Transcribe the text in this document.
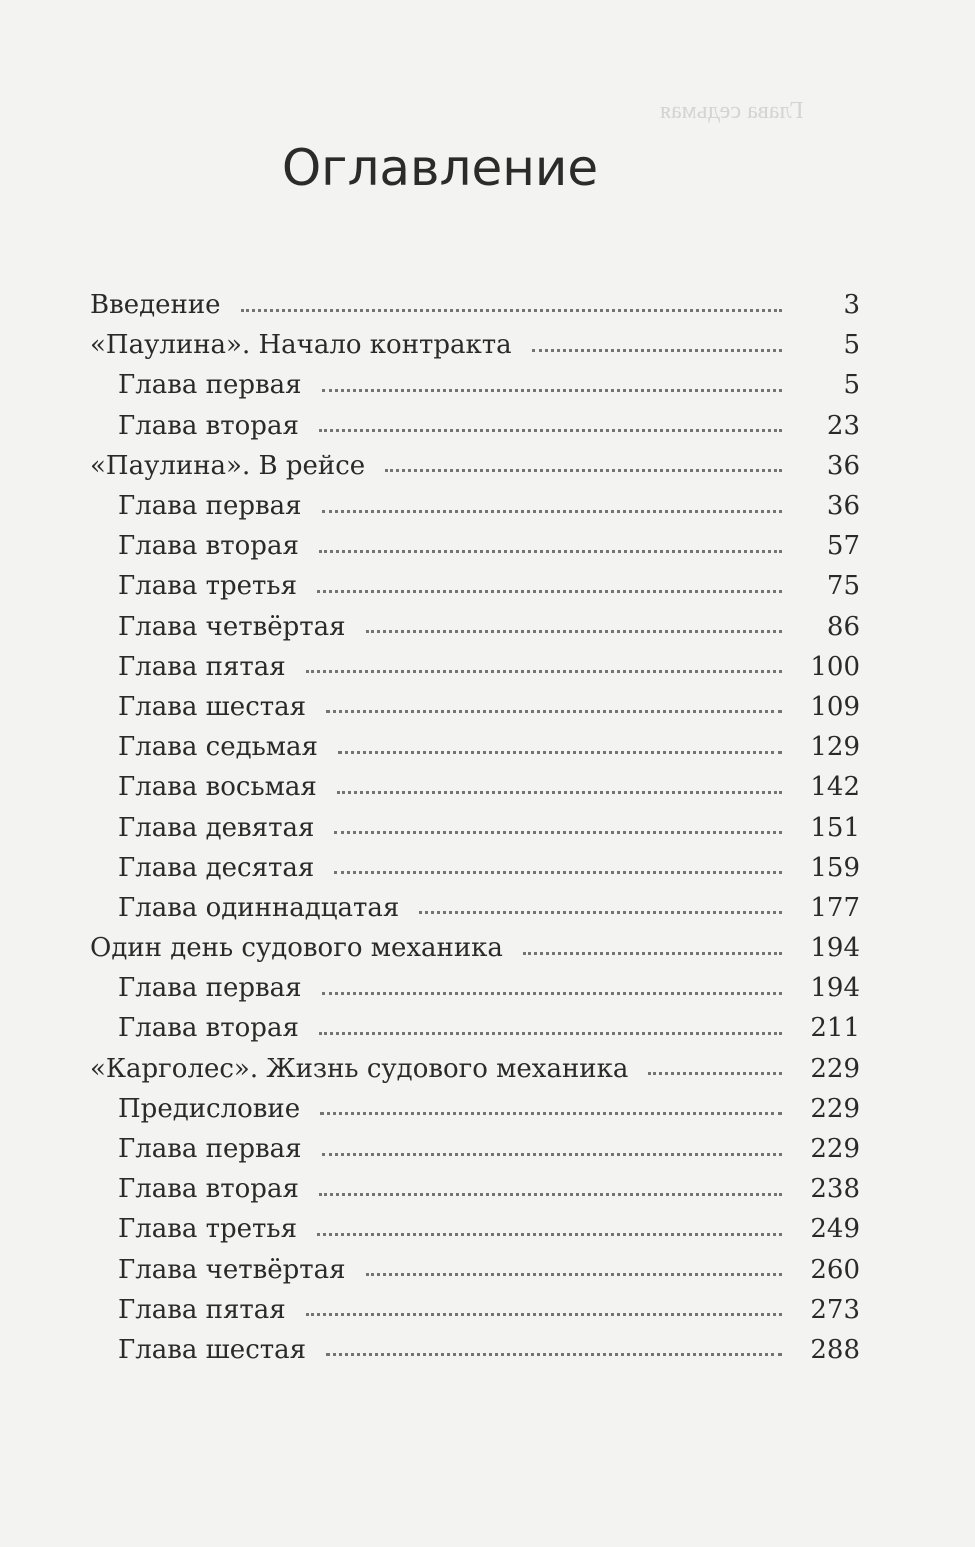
Глава седьмая
Оглавление
Введение	3
«Паулина». Начало контракта	5
Глава первая	5
Глава вторая	23
«Паулина». В рейсе	36
Глава первая	36
Глава вторая	57
Глава третья	75
Глава четвёртая	86
Глава пятая	100
Глава шестая	109
Глава седьмая	129
Глава восьмая	142
Глава девятая	151
Глава десятая	159
Глава одиннадцатая	177
Один день судового механика	194
Глава первая	194
Глава вторая	211
«Карголес». Жизнь судового механика	229
Предисловие	229
Глава первая	229
Глава вторая	238
Глава третья	249
Глава четвёртая	260
Глава пятая	273
Глава шестая	288
